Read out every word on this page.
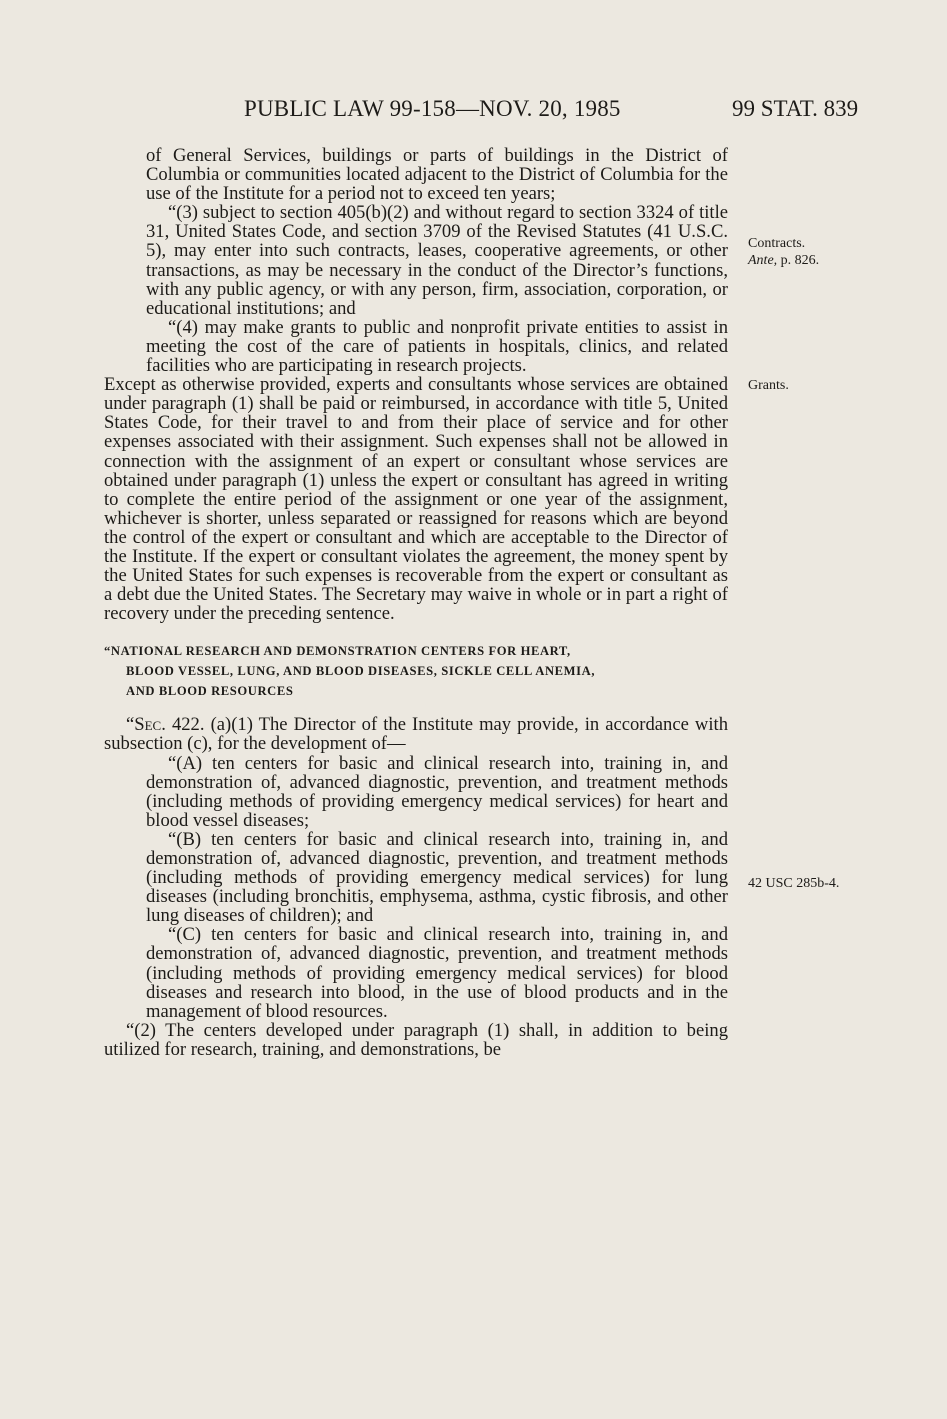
PUBLIC LAW 99-158—NOV. 20, 1985	99 STAT. 839

of General Services, buildings or parts of buildings in the District of Columbia or communities located adjacent to the District of Columbia for the use of the Institute for a period not to exceed ten years;

“(3) subject to section 405(b)(2) and without regard to section 3324 of title 31, United States Code, and section 3709 of the Revised Statutes (41 U.S.C. 5), may enter into such contracts, leases, cooperative agreements, or other transactions, as may be necessary in the conduct of the Director’s functions, with any public agency, or with any person, firm, association, corporation, or educational institutions; and

“(4) may make grants to public and nonprofit private entities to assist in meeting the cost of the care of patients in hospitals, clinics, and related facilities who are participating in research projects.

Except as otherwise provided, experts and consultants whose services are obtained under paragraph (1) shall be paid or reimbursed, in accordance with title 5, United States Code, for their travel to and from their place of service and for other expenses associated with their assignment. Such expenses shall not be allowed in connection with the assignment of an expert or consultant whose services are obtained under paragraph (1) unless the expert or consultant has agreed in writing to complete the entire period of the assignment or one year of the assignment, whichever is shorter, unless separated or reassigned for reasons which are beyond the control of the expert or consultant and which are acceptable to the Director of the Institute. If the expert or consultant violates the agreement, the money spent by the United States for such expenses is recoverable from the expert or consultant as a debt due the United States. The Secretary may waive in whole or in part a right of recovery under the preceding sentence.

“NATIONAL RESEARCH AND DEMONSTRATION CENTERS FOR HEART,
BLOOD VESSEL, LUNG, AND BLOOD DISEASES, SICKLE CELL ANEMIA,
AND BLOOD RESOURCES

“Sec. 422. (a)(1) The Director of the Institute may provide, in accordance with subsection (c), for the development of—

“(A) ten centers for basic and clinical research into, training in, and demonstration of, advanced diagnostic, prevention, and treatment methods (including methods of providing emergency medical services) for heart and blood vessel diseases;

“(B) ten centers for basic and clinical research into, training in, and demonstration of, advanced diagnostic, prevention, and treatment methods (including methods of providing emergency medical services) for lung diseases (including bronchitis, emphysema, asthma, cystic fibrosis, and other lung diseases of children); and

“(C) ten centers for basic and clinical research into, training in, and demonstration of, advanced diagnostic, prevention, and treatment methods (including methods of providing emergency medical services) for blood diseases and research into blood, in the use of blood products and in the management of blood resources.

“(2) The centers developed under paragraph (1) shall, in addition to being utilized for research, training, and demonstrations, be

Contracts.
Ante, p. 826.
Grants.
42 USC 285b-4.
